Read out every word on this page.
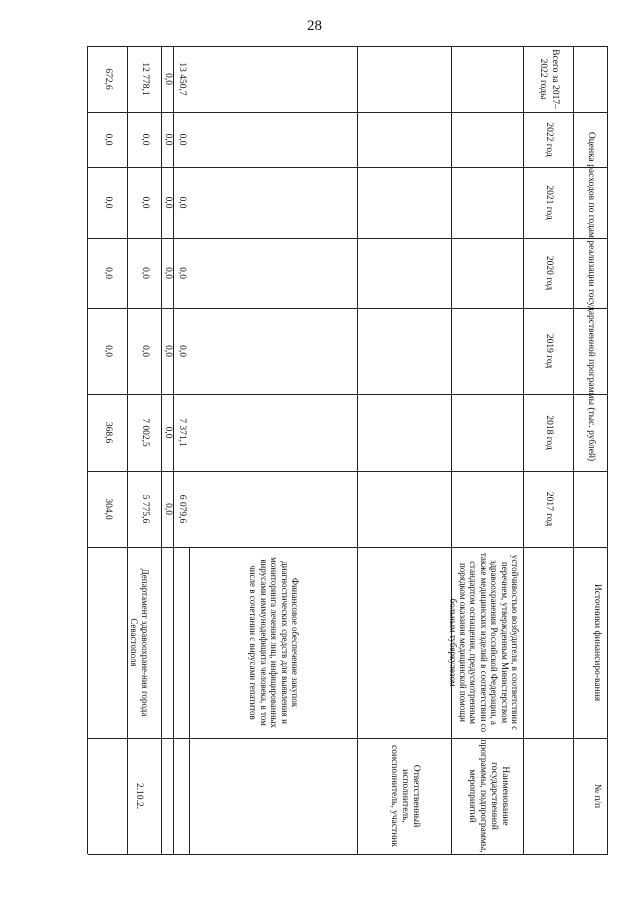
28
Оценка расходов по годам реализации государственной программы (тыс. рублей)
Всего за 2017–2022 годы
2022 год
2021 год
2020 год
2019 год
2018 год
2017 год
Источники финансиро-вания
№ п/п
Наименование государственной программы, подпрограммы, мероприятий
Ответственный исполнитель, соисполнитель, участник
устойчивостью возбудителя, в соответствии с перечнем, утвержденным Министерством здравоохранения Российской Федерации, а также медицинских изделий в соответствии со стандартом оснащения, предусмотренным порядком оказания медицинской помощи больным туберкулезом
2.10.2.
Финансовое обеспечение закупок диагностических средств для выявления и мониторинга лечения лиц, инфицированных вирусами иммунодефицита человека, в том числе в сочетании с вирусами гепатитов
Департамент здравоохране-ния города Севастополя
6 079,6
7 371,1
0,0
0,0
0,0
0,0
13 450,7
0,0
0,0
0,0
0,0
0,0
0,0
0,0
5 775,6
7 002,5
0,0
0,0
0,0
0,0
12 778,1
304,0
368,6
0,0
0,0
0,0
0,0
672,6
